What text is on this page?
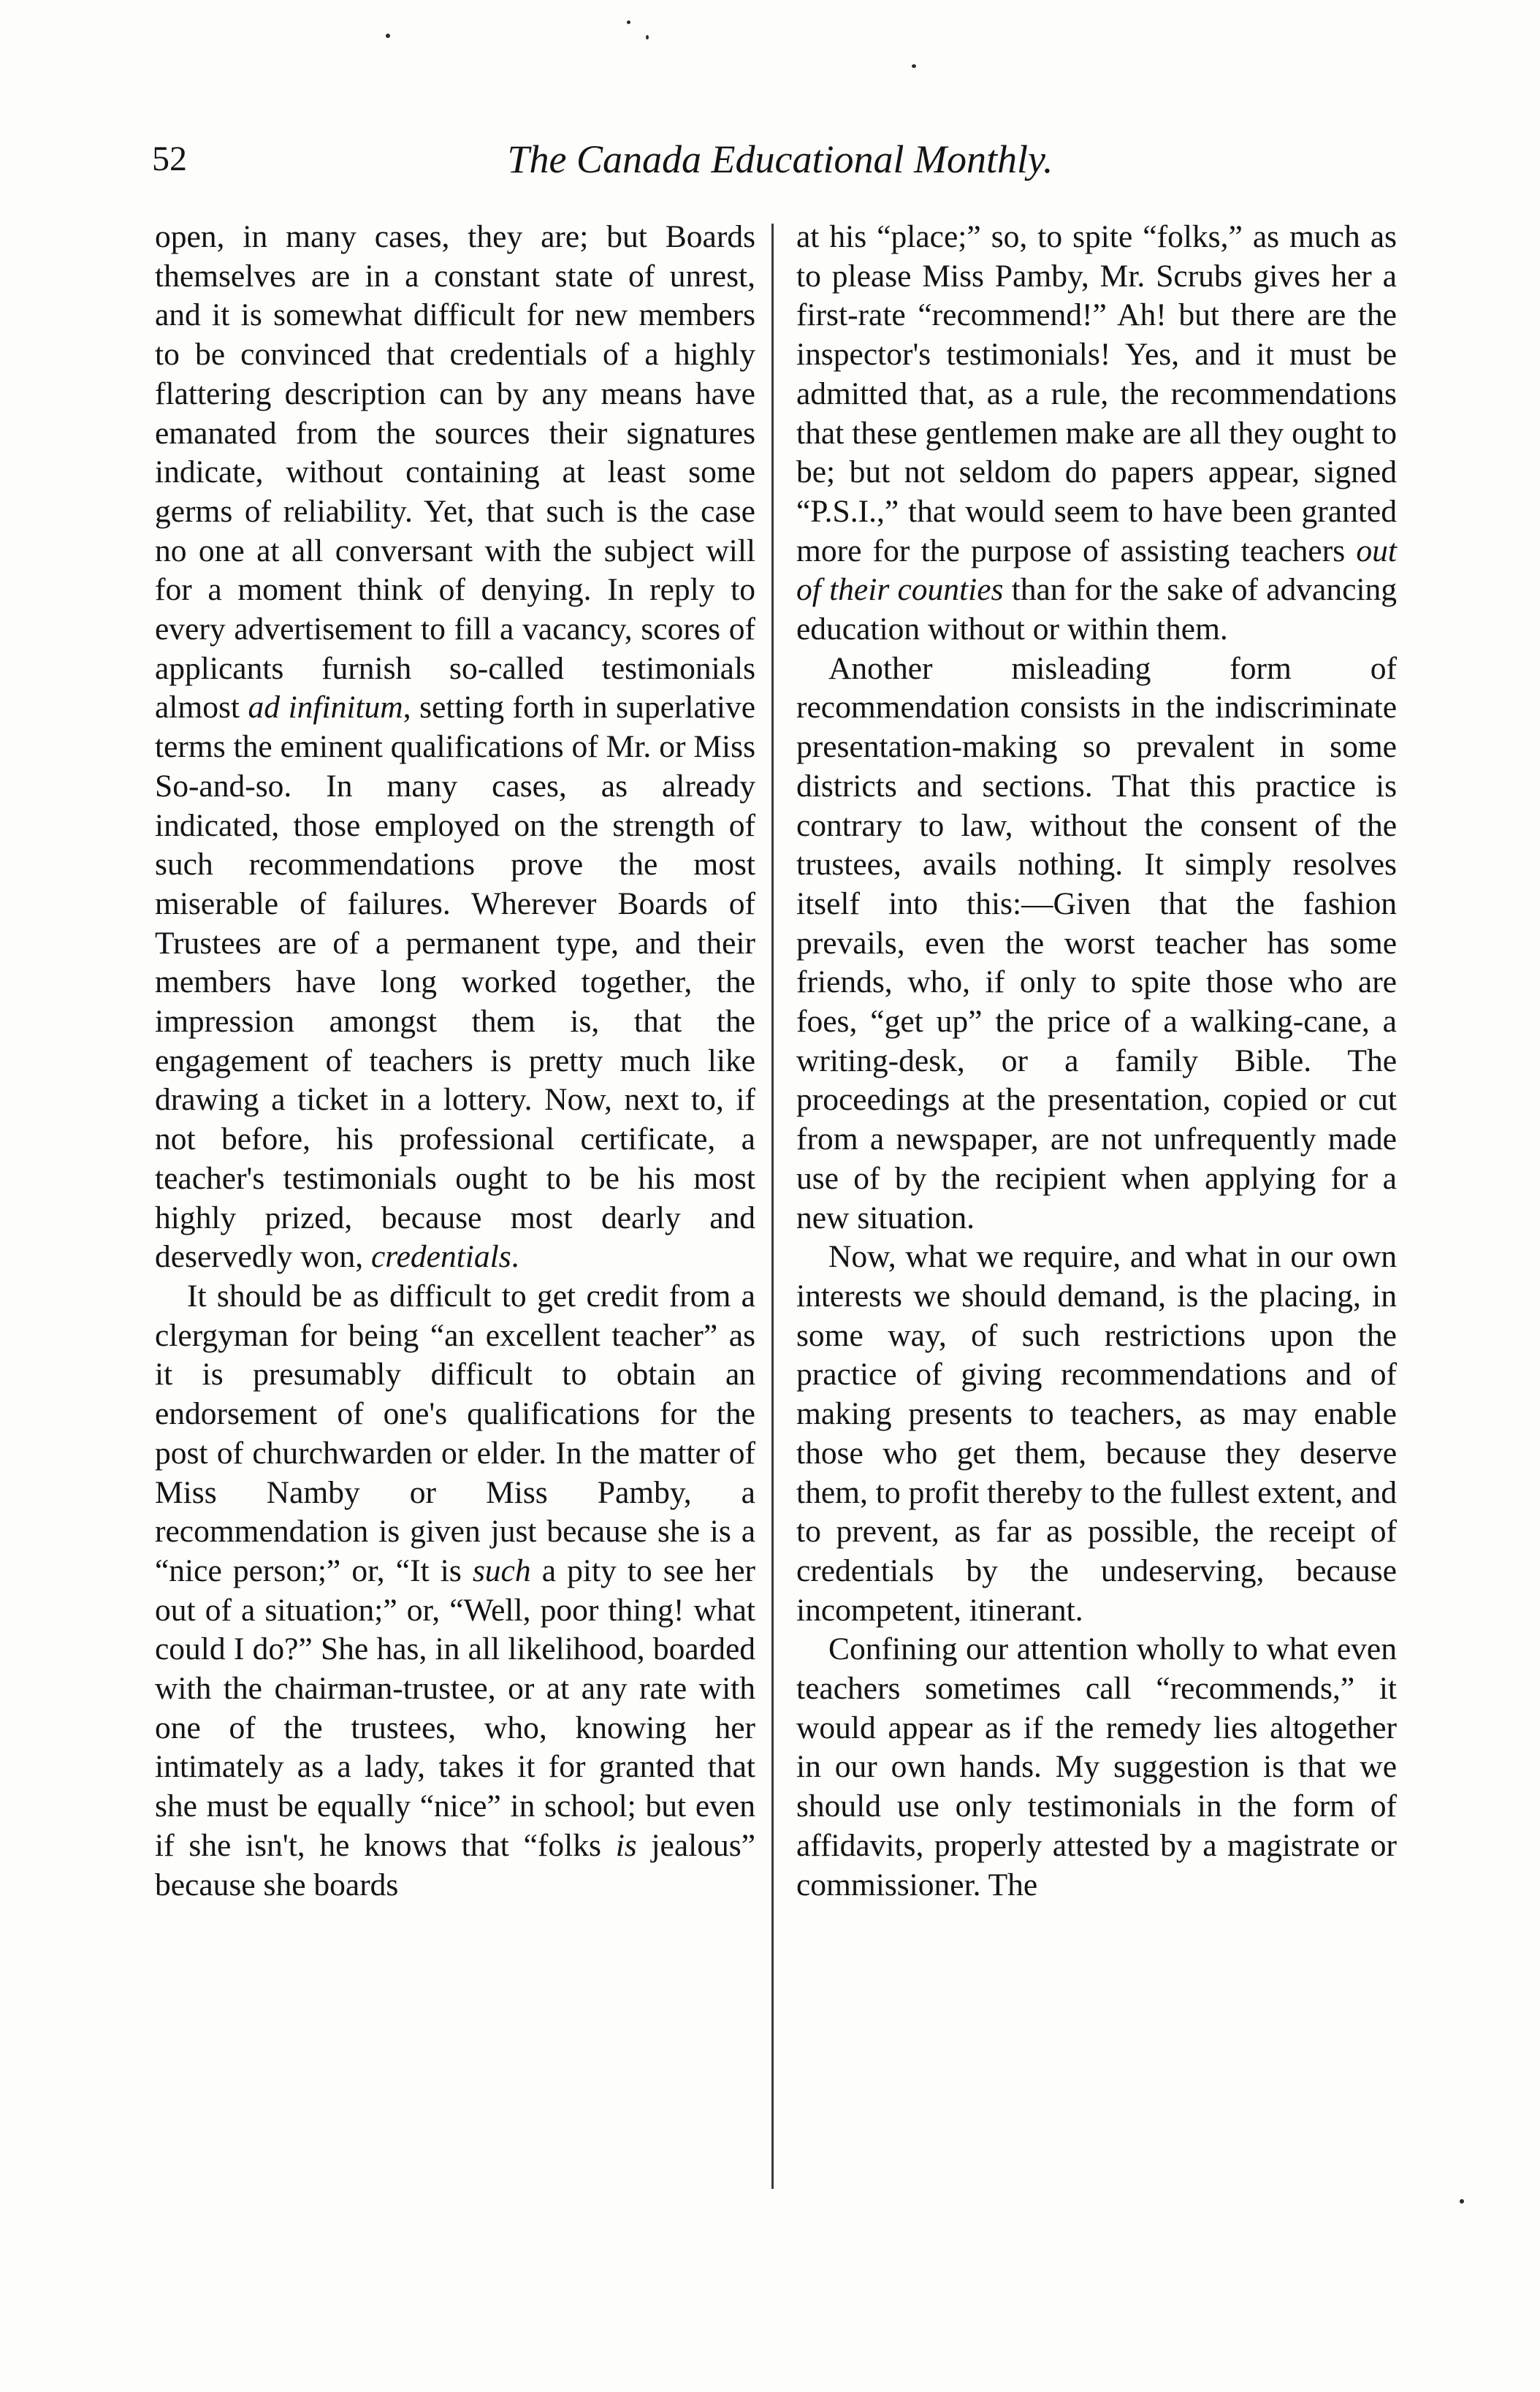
52	The Canada Educational Monthly.

open, in many cases, they are; but Boards themselves are in a constant state of unrest, and it is somewhat difficult for new members to be convinced that credentials of a highly flattering description can by any means have emanated from the sources their signatures indicate, without containing at least some germs of reliability. Yet, that such is the case no one at all conversant with the subject will for a moment think of denying. In reply to every advertisement to fill a vacancy, scores of applicants furnish so-called testimonials almost ad infinitum, setting forth in superlative terms the eminent qualifications of Mr. or Miss So-and-so. In many cases, as already indicated, those employed on the strength of such recommendations prove the most miserable of failures. Wherever Boards of Trustees are of a permanent type, and their members have long worked together, the impression amongst them is, that the engagement of teachers is pretty much like drawing a ticket in a lottery. Now, next to, if not before, his professional certificate, a teacher's testimonials ought to be his most highly prized, because most dearly and deservedly won, credentials.

It should be as difficult to get credit from a clergyman for being “an excellent teacher” as it is presumably difficult to obtain an endorsement of one's qualifications for the post of churchwarden or elder. In the matter of Miss Namby or Miss Pamby, a recommendation is given just because she is a “nice person;” or, “It is such a pity to see her out of a situation;” or, “Well, poor thing! what could I do?” She has, in all likelihood, boarded with the chairman-trustee, or at any rate with one of the trustees, who, knowing her intimately as a lady, takes it for granted that she must be equally “nice” in school; but even if she isn't, he knows that “folks is jealous” because she boards

at his “place;” so, to spite “folks,” as much as to please Miss Pamby, Mr. Scrubs gives her a first-rate “recommend!” Ah! but there are the inspector's testimonials! Yes, and it must be admitted that, as a rule, the recommendations that these gentlemen make are all they ought to be; but not seldom do papers appear, signed “P.S.I.,” that would seem to have been granted more for the purpose of assisting teachers out of their counties than for the sake of advancing education without or within them.

Another misleading form of recommendation consists in the indiscriminate presentation-making so prevalent in some districts and sections. That this practice is contrary to law, without the consent of the trustees, avails nothing. It simply resolves itself into this:—Given that the fashion prevails, even the worst teacher has some friends, who, if only to spite those who are foes, “get up” the price of a walking-cane, a writing-desk, or a family Bible. The proceedings at the presentation, copied or cut from a newspaper, are not unfrequently made use of by the recipient when applying for a new situation.

Now, what we require, and what in our own interests we should demand, is the placing, in some way, of such restrictions upon the practice of giving recommendations and of making presents to teachers, as may enable those who get them, because they deserve them, to profit thereby to the fullest extent, and to prevent, as far as possible, the receipt of credentials by the undeserving, because incompetent, itinerant.

Confining our attention wholly to what even teachers sometimes call “recommends,” it would appear as if the remedy lies altogether in our own hands. My suggestion is that we should use only testimonials in the form of affidavits, properly attested by a magistrate or commissioner. The
